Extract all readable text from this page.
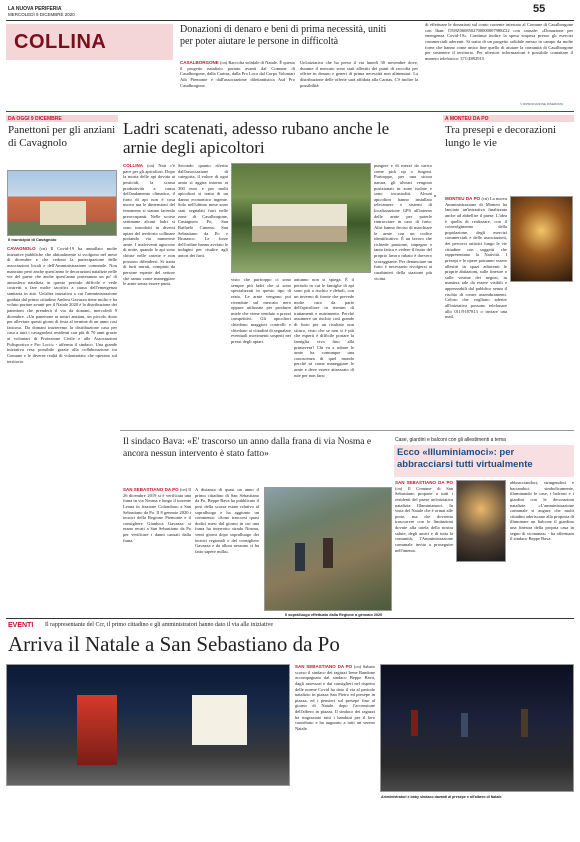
LA NUOVA PERIFERIA
MERCOLEDÌ 9 DICEMBRE 2020	55
COLLINA
Donazioni di denaro e beni di prima necessità, uniti per poter aiutare le persone in difficoltà
CASALBORGONE (cn) Raccolta solidale di Natale. È questo il progetto natalizio portato avanti dal Comune di Casalborgone, dalla Caritas, dalla Pro Loco dal Corpo Volontari Aib Piemonte e dall'associazione dilettantistica Asd Pro Casalborgone.
Un'iniziativa che ha preso il via lunedì 30 novembre dove, durante il mercato sono stati allestiti dei punti di raccolta per offrire in denaro e generi di prima necessità non alimentari. La distribuzione delle offerte sarà affidata alla Caritas. C'è inoltre la possibilità
di effettuare le donazioni sul conto corrente intestato al Comune di Casalborgone con Iban: IT69Z0608502700000007988Z22 con causale: «Donazione per emergenza Covid-19». Continua inoltre la spesa sospesa presso gli esercizi commerciali aderenti. Si tratta di un progetto solidale messo in campo da molte forne che hanno come unico fine quello di aiutare la comunità di Casalborgone per sostenere il territorio. Per ulteriori informazioni è possibile contattare il numero telefonico: 371/4892915.
© RIPRODUZIONE RISERVATA
DA OGGI 9 DICEMBRE
Panettoni per gli anziani di Cavagnolo
Il municipio di Cavagnolo
CAVAGNOLO (cn) Il Covid-19 ha annullato molte iniziative pubbliche che abitualmente si svolgono nel mese di dicembre e che vedono la partecipazione delle associazioni locali e dell'Amministrazione comunale. Non mancano però anche quest'anno le decorazioni natalizie nelle vie del paese che anche quest'anno porteranno un po' di atmosfera natalizia in questo periodo difficile e vede costretti a fare molte sacrifici a causa dell'emergenza sanitaria in atto. Un'altra iniziativa a cui l'amministrazione guidata dal primo cittadino Andrea Gavazza tiene molto e ha voluto portare avanti per il Natale 2020 è la distribuzione dei panettoni che prenderà il via da domani, mercoledì 9 dicembre. «Un panettone ai nostri anziani, un piccolo dono per alleviare questi giorni di festa al termine di un anno così faticoso. Da domani inizieremo la distribuzione casa per casa a tutti i cavagnolesi residenti con più di 70 anni grazie ai volontari di Protezione Civile e alle Associazioni Polisportiva e Pro Loco» - afferma il sindaco. Una grande iniziativa resa possibile grazie alla collaborazione tra Comune e le diverse realtà di volontariato che operano sul territorio.
Ladri scatenati, adesso rubano anche le arnie degli apicoltori
COLLINA (cn) Non c'è pace per gli apicoltori. Dopo la moria delle api dovuta ai pesticidi, la scarsa produttività a causa dell'andamento climatico, il furto di api non è cosa nuova ma le dimensioni del fenomeno si stanno facendo preoccupanti. Nelle scorse settimane alcuni ladri si sono introdotti in diversi apiari del territorio collinare portando via numerose arnie. I malviventi agiscono di notte, quando le api sono chiuse nelle casette e non possono difendersi. Si tratta di furti mirati, compiuti da persone esperte del settore che sanno come maneggiare le arnie senza essere punti.
Secondo quanto riferito dall'associazione di categoria, il valore di ogni arnia si aggira intorno ai 300 euro e per molti apicoltori si tratta di un danno economico ingente. Solo nell'ultimo mese sono stati segnalati furti nelle zone di Casalborgone, Castagneto Po, San Raffaele Cimena, San Sebastiano da Po e Brusasco. Le forze dell'ordine hanno avviato le indagini per risalire agli autori dei furti.
visto che purtroppo ci sono sempre più ladri che si sono specializzati in questo tipo di reato. Le arnie vengono poi rivendute sul mercato nero oppure utilizzate per produrre miele che viene venduto a prezzi competitivi. Gli apicoltori chiedono maggiori controlli e chiedono ai cittadini di segnalare eventuali movimenti sospetti nei pressi degli apiari.
autunno non si spiega. È il periodo in cui le famiglie di api sono più a rischio e deboli, con un inverno di fronte che prevede molte cura da parte dell'apicoltore in termini di trattamenti e nutrimento. Perché assumere un rischio così grande di furto per un risultato non sicuro, visto che se non si è più che esperti è difficile portare la famiglia viva fino alla primavera? Chi va a rubare le arnie ha comunque una conoscenza di quel mondo perché sa come maneggiare le arnie e deve essere attrezzato di tute per non farsi
pungere e di mezzi da carico come pick up o furgoni. Purtroppo, per una sicura natura, gli alveari vengono posizionati in zone isolate e sono incustoditi. Alcuni apicoltori hanno installato telecamere e sistemi di localizzazione GPS all'interno delle arnie per poterle rintracciare in caso di furto. Altri hanno deciso di marchiare le arnie con un codice identificativo. È un lavoro che richiede passione, impegno e tanta fatica e vedere il frutto del proprio lavoro rubato è davvero scoraggiante. Per denunciare un furto è necessario rivolgersi ai carabinieri della stazione più vicina.
A MONTEU DA PO
Tra presepi e decorazioni lungo le vie
MONTEU DA PO (cn) La nuova Amministrazione di Monteu ha lanciato un'iniziativa finalizzata anche ad abbellire il paese. L'idea è quella di realizzare, con il coinvolgimento della popolazione, degli esercizi commerciali e delle associazioni, dei percorsi artistici lungo le vie cittadine con soggetti che rappresentano la Natività. I presepi e le opere potranno essere allestiti in spazi adiacenti le proprie abitazioni, sulle finestre o sulle vetrine dei negozi, in maniera tale da essere visibili e apprezzabili dal pubblico senza il rischio di creare assembramenti. Coloro che vogliono aderire all'iniziativa possono telefonare allo 011/9187813 o inviare una mail.
Il sindaco Bava: «E' trascorso un anno dalla frana di via Nosma e ancora nessun intervento è stato fatto»
SAN SEBASTIANO DA PO (cn) Il 26 dicembre 2019 si è verificata una frana in via Nosma e lungo il torrente Leona in frazione Colombaro a San Sebastiano da Po. Il 8 gennaio 2020 i tecnici della Regione Piemonte e il consigliere Gianluca Gavazza si erano recati a San Sebastiano da Po per verificare i danni causati dalla frana.
A distanza di quasi un anno il primo cittadino di San Sebastiano da Po, Beppe Bava ha pubblicato il post della scorsa estate relativo al sopralluogo e ha aggiunto un commento: «Sono trascorsi quasi dodici mesi dal giorno in cui una frana ha interrotto strada Nosma, venti giorni dopo sopralluogo dei tecnici regionali e del consigliere Gavazza e da allora nessuno ci ha fatto sapere nulla».
Il sopralluogo effettuato dalla Regione a gennaio 2020
Case, giardini e balconi con gli allestimenti a tema
Ecco «Illuminiamoci»: per abbracciarsi tutti virtualmente
SAN SEBASTIANO DA PO (cn) Il Comune di San Sebastiano propone a tutti i residenti del paese un'iniziativa natalizia: Illuminiamoci. In vista del Natale che è ormai alle porte, ma che dovremo trascorrere con le limitazioni dovute alla tutela della nostra salute, degli amici e di tutta la comunità, l'Amministrazione comunale invita a proseguire nell'intento.
abbracciandoci, stringendoci e baciandoci simbolicamente, illuminando le case, i balconi e i giardini con le decorazioni natalizie. «L'amministrazione comunale si augura che molti cittadini aderiscano alla proposta di illuminare un balcone il giardino una finestra della propria casa in segno di vicinanza» - ha affermato il sindaco Beppe Bava.
EVENTI Il rappresentante del Ccr, il primo cittadino e gli amministratori hanno dato il via alle iniziative
Arriva il Natale a San Sebastiano da Po
SAN SEBASTIANO DA PO (cn) Sabato scorso il sindaco dei ragazzi Irene Bandone accompagnata dal sindaco Beppe Bava, dagli assessori e dai consiglieri nel rispetto delle norme Covid ha dato il via al periodo natalizio in piazza San Pietro ed presepe in piazza, ed i pensieri sul presepe fino al giorno di Natale dopo l'accensione dell'albero in piazza. Il sindaco dei ragazzi ha ringraziato tutti i bambini per il loro contributo e ha augurato a tutti un sereno Natale.
Amministratori e baby sindaco davanti al presepe e all'albero di Natale
